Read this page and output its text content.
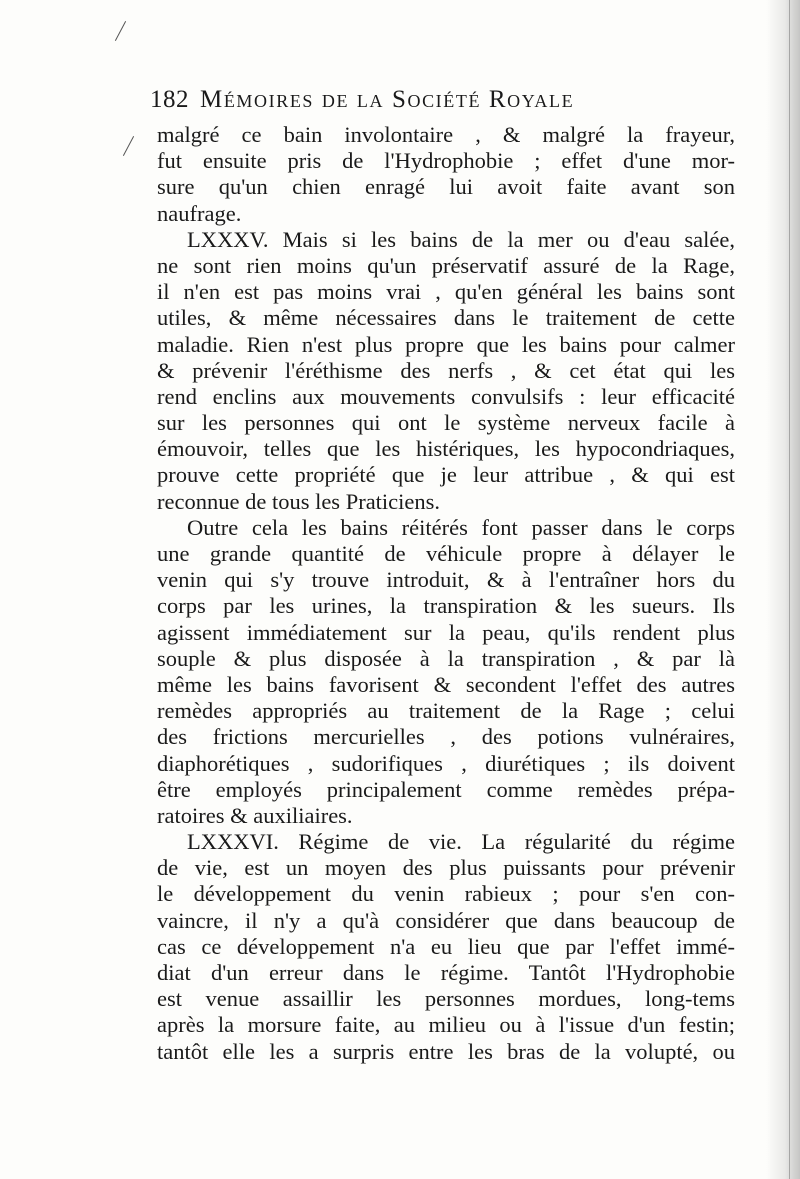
182 Mémoires de la Société Royale
malgré ce bain involontaire , & malgré la frayeur,
fut ensuite pris de l'Hydrophobie ; effet d'une mor-
sure qu'un chien enragé lui avoit faite avant son
naufrage.
LXXXV. Mais si les bains de la mer ou d'eau salée,
ne sont rien moins qu'un préservatif assuré de la Rage,
il n'en est pas moins vrai , qu'en général les bains sont
utiles, & même nécessaires dans le traitement de cette
maladie. Rien n'est plus propre que les bains pour calmer
& prévenir l'éréthisme des nerfs , & cet état qui les
rend enclins aux mouvements convulsifs : leur efficacité
sur les personnes qui ont le système nerveux facile à
émouvoir, telles que les histériques, les hypocondriaques,
prouve cette propriété que je leur attribue , & qui est
reconnue de tous les Praticiens.
Outre cela les bains réitérés font passer dans le corps
une grande quantité de véhicule propre à délayer le
venin qui s'y trouve introduit, & à l'entraîner hors du
corps par les urines, la transpiration & les sueurs. Ils
agissent immédiatement sur la peau, qu'ils rendent plus
souple & plus disposée à la transpiration , & par là
même les bains favorisent & secondent l'effet des autres
remèdes appropriés au traitement de la Rage ; celui
des frictions mercurielles , des potions vulnéraires,
diaphorétiques , sudorifiques , diurétiques ; ils doivent
être employés principalement comme remèdes prépa-
ratoires & auxiliaires.
LXXXVI. Régime de vie. La régularité du régime
de vie, est un moyen des plus puissants pour prévenir
le développement du venin rabieux ; pour s'en con-
vaincre, il n'y a qu'à considérer que dans beaucoup de
cas ce développement n'a eu lieu que par l'effet immé-
diat d'un erreur dans le régime. Tantôt l'Hydrophobie
est venue assaillir les personnes mordues, long-tems
après la morsure faite, au milieu ou à l'issue d'un festin;
tantôt elle les a surpris entre les bras de la volupté, ou
